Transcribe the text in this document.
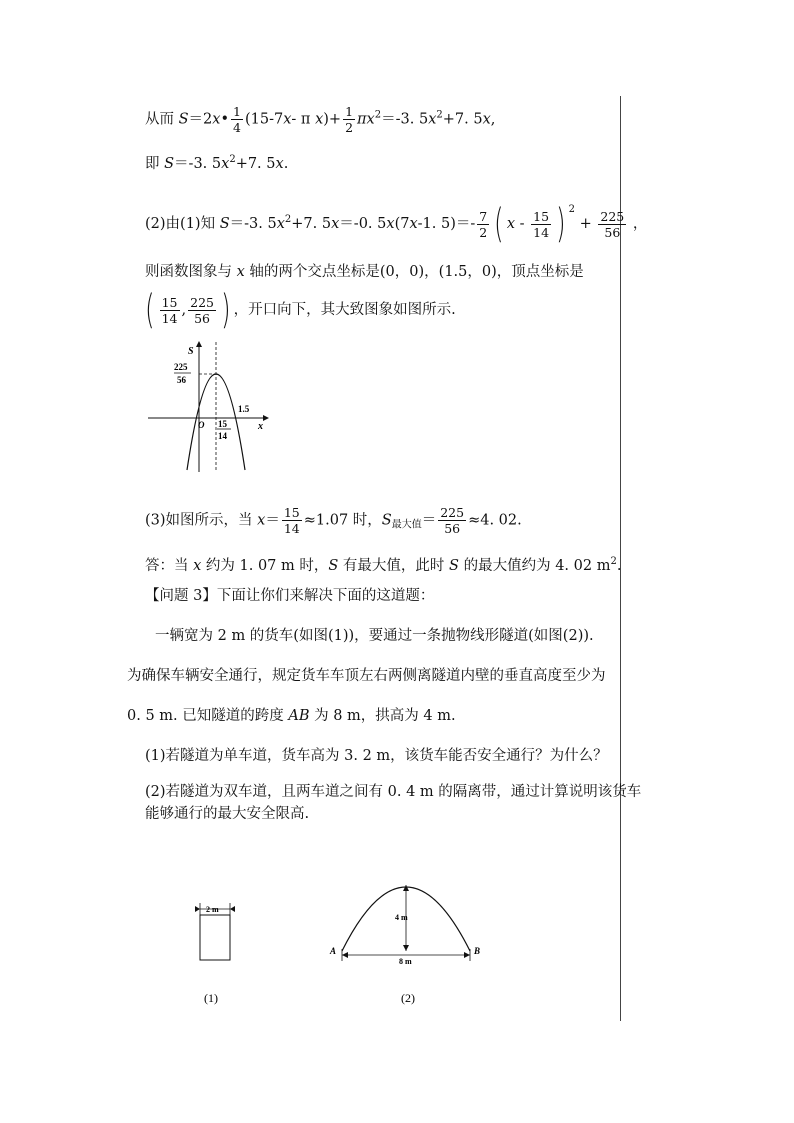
从而 S＝2x• $\frac{1}{4} (15-7x-$ π $x)+ \frac{1}{2} \pi x^2=-3$. $5x^2+7$. 5x,
即 S＝-3. $5x^2+7$. 5x.
(2)由(1)知 S＝-3. $5x^2+7$. 5x＝-0. 5x(7x-1. $5)=- \frac{7}{2}$ ( x - $\frac{15}{14}$ ) $^2 + \frac{225}{56}$ ，
则函数图象与 x 轴的两个交点坐标是(0，0)，(1.5，0)，顶点坐标是
( $\frac{15}{14}$ , $\frac{225}{56}$ ) ，开口向下，其大致图象如图所示.
S
225
56
1.5
O 15
14
x
(3)如图所示，当 $x= \frac{15}{14} \approx 1.07$ 时，$S_{最大值}= \frac{225}{56} \approx 4$. 02.
答：当 x 约为 1. 07 m 时，S 有最大值，此时 S 的最大值约为 4. 02 $m^2$.
【问题 3】下面让你们来解决下面的这道题：
一辆宽为 2 m 的货车(如图(1))，要通过一条抛物线形隧道(如图(2)).
为确保车辆安全通行，规定货车车顶左右两侧离隧道内壁的垂直高度至少为
0. 5 m. 已知隧道的跨度 AB 为 8 m，拱高为 4 m.
(1)若隧道为单车道，货车高为 3. 2 m，该货车能否安全通行？为什么？
(2)若隧道为双车道，且两车道之间有 0. 4 m 的隔离带，通过计算说明该货车
能够通行的最大安全限高.
2 m
(1)
4 m
8 m
A	B
(2)
